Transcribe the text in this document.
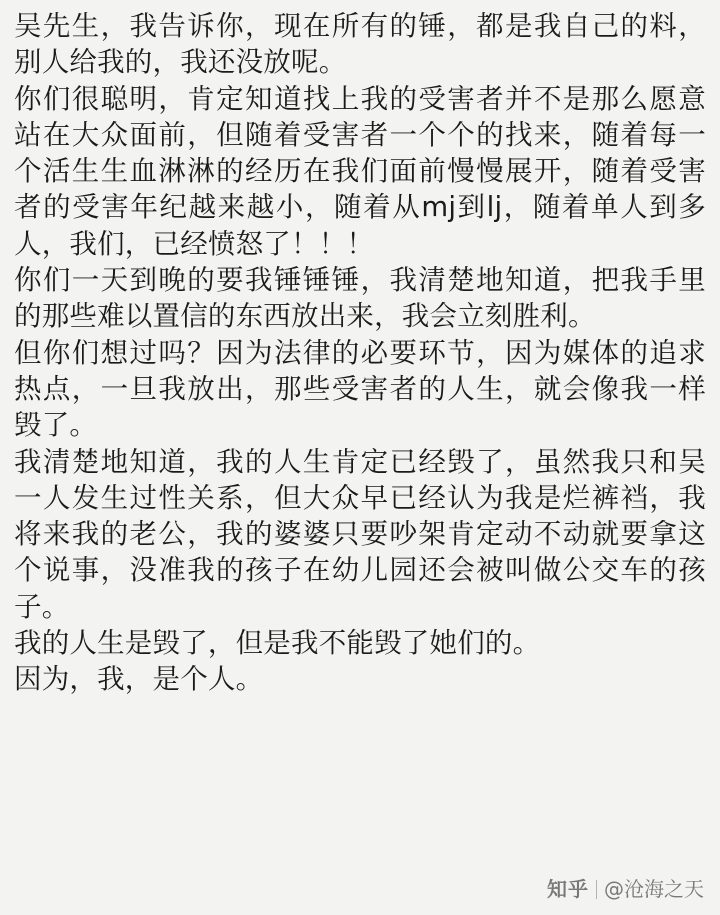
吴先生，我告诉你，现在所有的锤，都是我自己的料，别人给我的，我还没放呢。

你们很聪明，肯定知道找上我的受害者并不是那么愿意站在大众面前，但随着受害者一个个的找来，随着每一个活生生血淋淋的经历在我们面前慢慢展开，随着受害者的受害年纪越来越小，随着从mj到lj，随着单人到多人，我们，已经愤怒了！！！

你们一天到晚的要我锤锤锤，我清楚地知道，把我手里的那些难以置信的东西放出来，我会立刻胜利。

但你们想过吗？因为法律的必要环节，因为媒体的追求热点，一旦我放出，那些受害者的人生，就会像我一样毁了。

我清楚地知道，我的人生肯定已经毁了，虽然我只和吴一人发生过性关系，但大众早已经认为我是烂裤裆，我将来我的老公，我的婆婆只要吵架肯定动不动就要拿这个说事，没准我的孩子在幼儿园还会被叫做公交车的孩子。

我的人生是毁了，但是我不能毁了她们的。

因为，我，是个人。

知乎 @沧海之天
